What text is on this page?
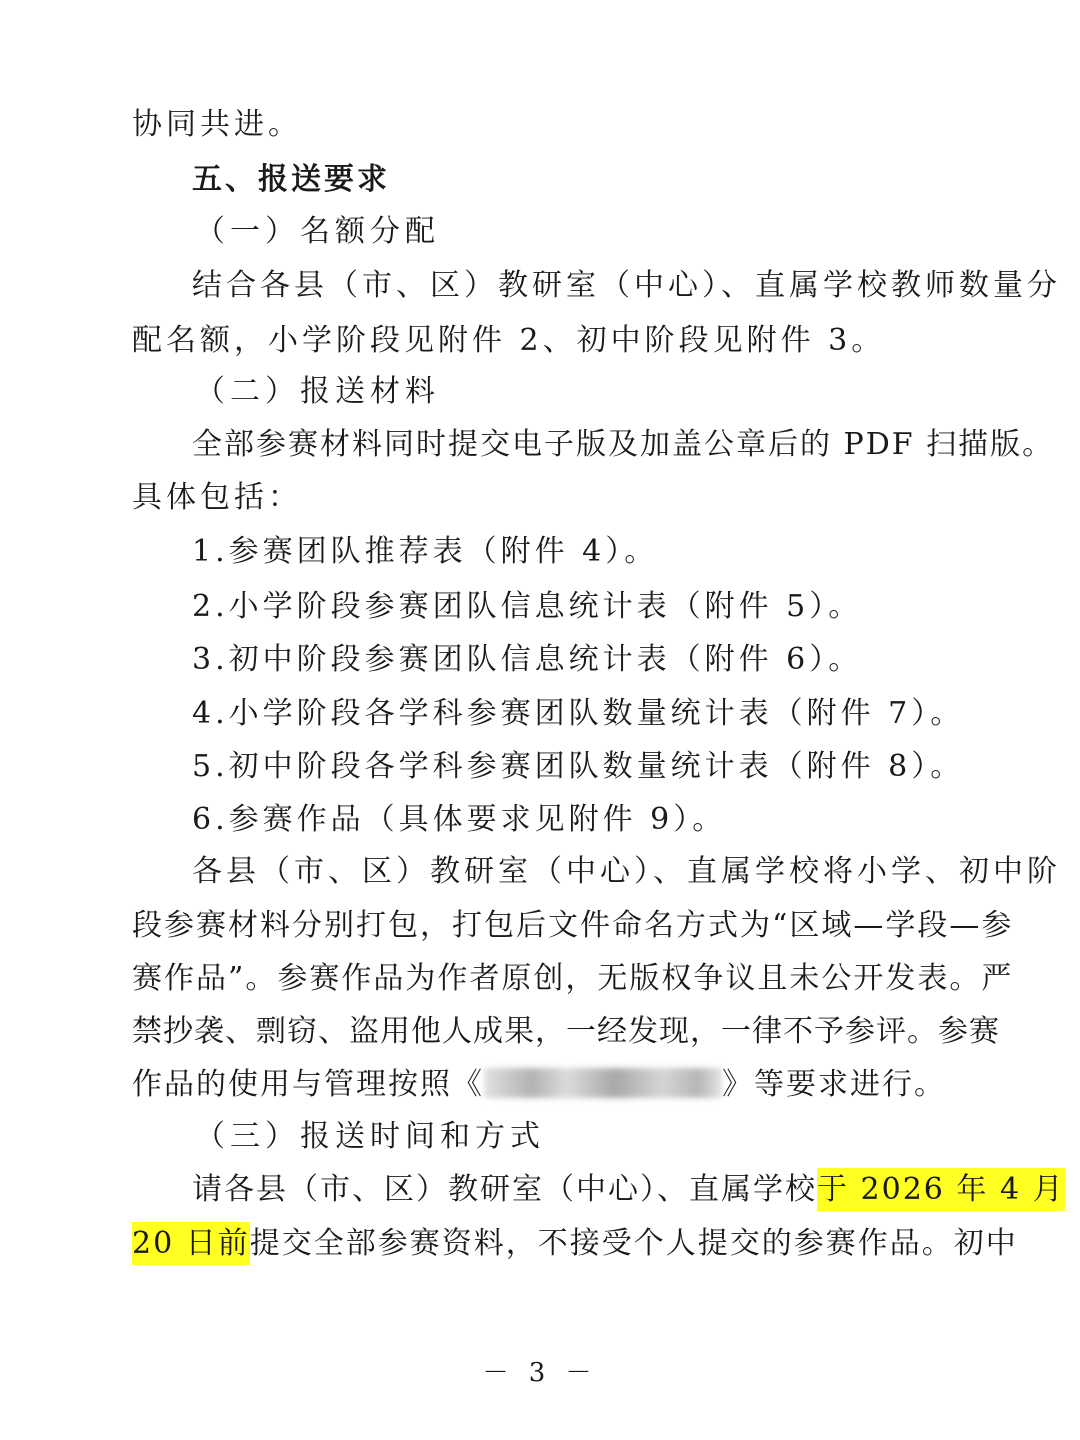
协同共进。
五、报送要求
（一）名额分配
结合各县（市、区）教研室（中心）、直属学校教师数量分
配名额，小学阶段见附件 2、初中阶段见附件 3。
（二）报送材料
全部参赛材料同时提交电子版及加盖公章后的 PDF 扫描版。
具体包括：
1.参赛团队推荐表（附件 4）。
2.小学阶段参赛团队信息统计表（附件 5）。
3.初中阶段参赛团队信息统计表（附件 6）。
4.小学阶段各学科参赛团队数量统计表（附件 7）。
5.初中阶段各学科参赛团队数量统计表（附件 8）。
6.参赛作品（具体要求见附件 9）。
各县（市、区）教研室（中心）、直属学校将小学、初中阶
段参赛材料分别打包，打包后文件命名方式为“区域—学段—参
赛作品”。参赛作品为作者原创，无版权争议且未公开发表。严
禁抄袭、剽窃、盗用他人成果，一经发现，一律不予参评。参赛
作品的使用与管理按照《	》等要求进行。
（三）报送时间和方式
请各县（市、区）教研室（中心）、直属学校于 2026 年 4 月
20 日前提交全部参赛资料，不接受个人提交的参赛作品。初中
－ 3 －
